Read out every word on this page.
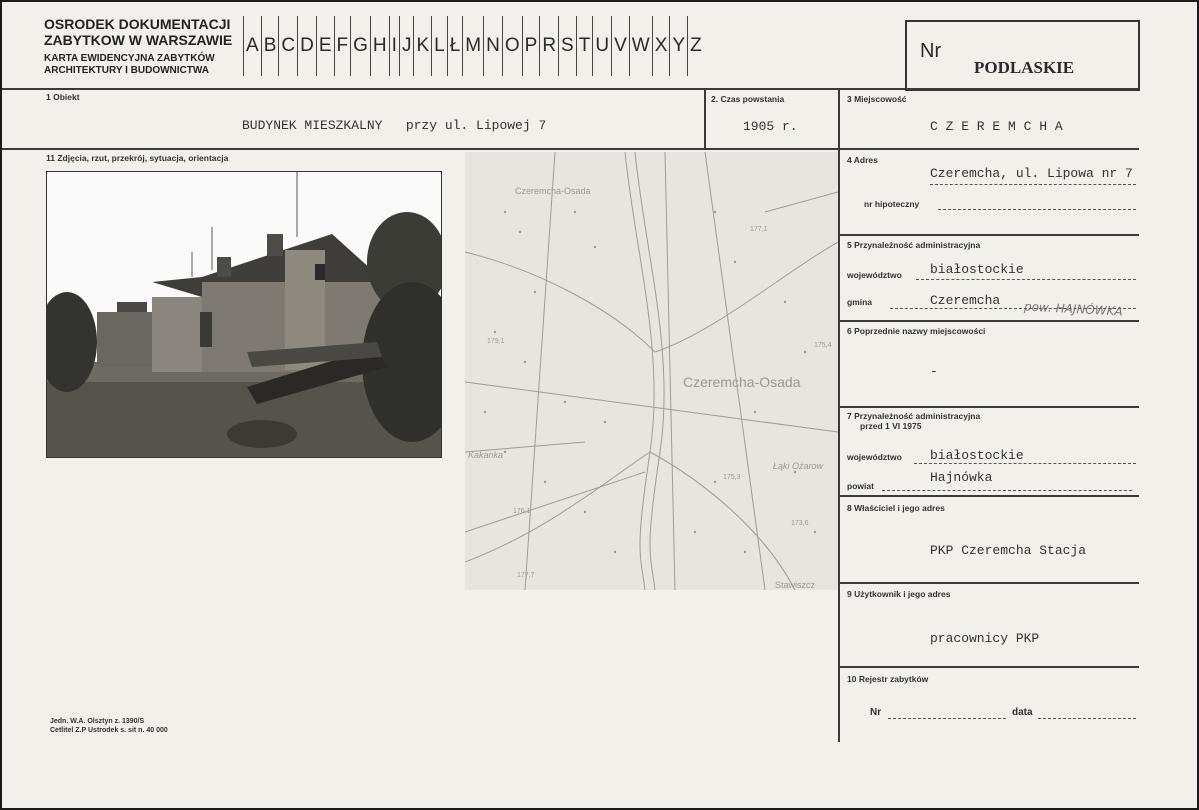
OSRODEK DOKUMENTACJI
ZABYTKOW W WARSZAWIE
KARTA EWIDENCYJNA ZABYTKÓW
ARCHITEKTURY I BUDOWNICTWA
A B C D E F G H I J K L Ł M N O P R S T U V W X Y Z	Nr
PODLASKIE
1 Obiekt
BUDYNEK MIESZKALNY   przy ul. Lipowej 7
2. Czas powstania
1905 r.
3 Miejscowość
C Z E R E M C H A
11 Zdjęcia, rzut, przekrój, sytuacja, orientacja
Czeremcha-Osada
Czeremcha-Osada
Kakanka
Łąki Ożarow
Stawiszcz
177,1
175,4
179,1
175,3
176,1
173,6
177,7
4 Adres
Czeremcha, ul. Lipowa nr 7
nr hipoteczny
5 Przynależność administracyjna
województwo białostockie
gmina	Czeremcha pow. HAJNÓWKA
6 Poprzednie nazwy miejscowości
-
7 Przynależność administracyjna
przed 1 VI 1975
województwo białostockie
powiat
Hajnówka
8 Właściciel i jego adres
PKP Czeremcha Stacja
9 Użytkownik i jego adres
pracownicy PKP
10 Rejestr zabytków
Nr	data
Jedn. W.A. Olsztyn z. 1390/S
Cetlitel Z.P Ustrodek s. sit n. 40 000
